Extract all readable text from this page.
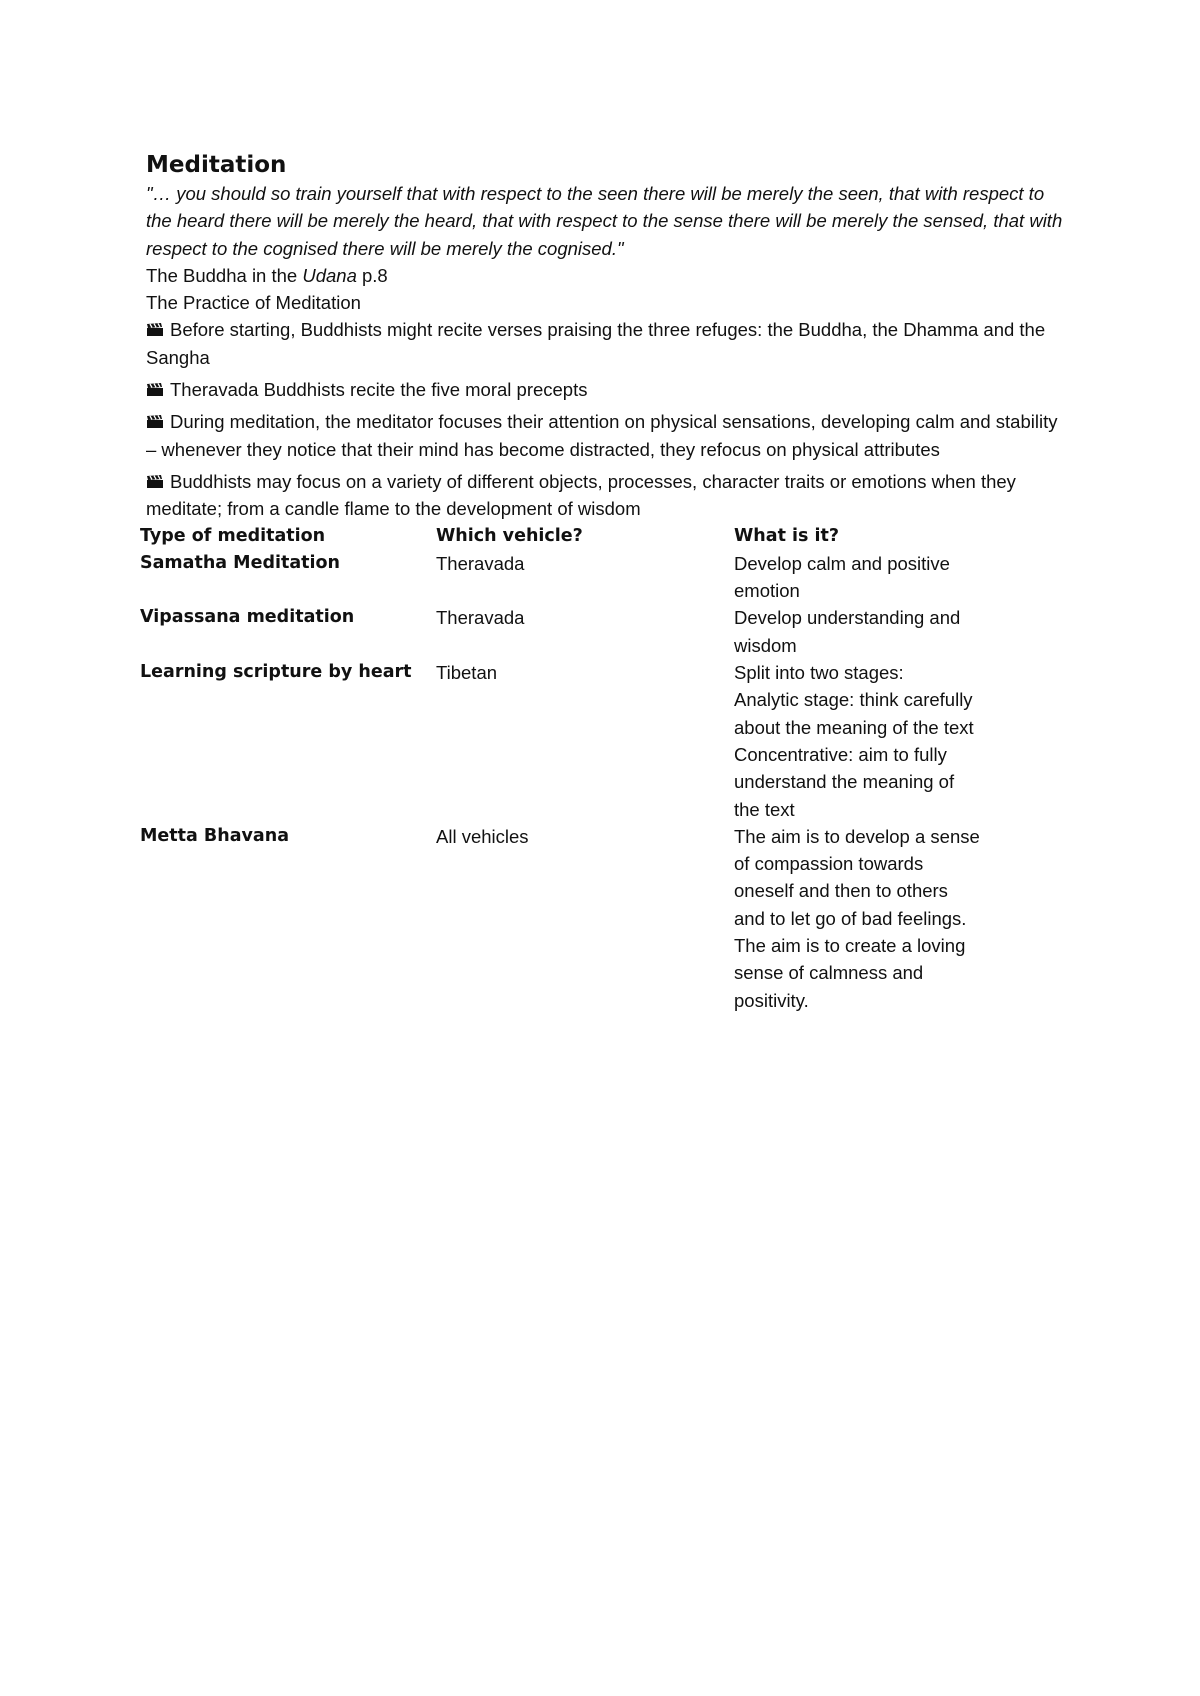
Meditation

"… you should so train yourself that with respect to the seen there will be merely the seen, that with respect to the heard there will be merely the heard, that with respect to the sense there will be merely the sensed, that with respect to the cognised there will be merely the cognised."

The Buddha in the Udana p.8

The Practice of Meditation

Before starting, Buddhists might recite verses praising the three refuges: the Buddha, the Dhamma and the Sangha

Theravada Buddhists recite the five moral precepts

During meditation, the meditator focuses their attention on physical sensations, developing calm and stability – whenever they notice that their mind has become distracted, they refocus on physical attributes

Buddhists may focus on a variety of different objects, processes, character traits or emotions when they meditate; from a candle flame to the development of wisdom

Type of meditation	Which vehicle?	What is it?
Samatha Meditation	Theravada	Develop calm and positive
emotion
Vipassana meditation	Theravada	Develop understanding and
wisdom
Learning scripture by heart	Tibetan	Split into two stages:
Analytic stage: think carefully
about the meaning of the text
Concentrative: aim to fully
understand the meaning of
the text
Metta Bhavana	All vehicles	The aim is to develop a sense
of compassion towards
oneself and then to others
and to let go of bad feelings.
The aim is to create a loving
sense of calmness and
positivity.
